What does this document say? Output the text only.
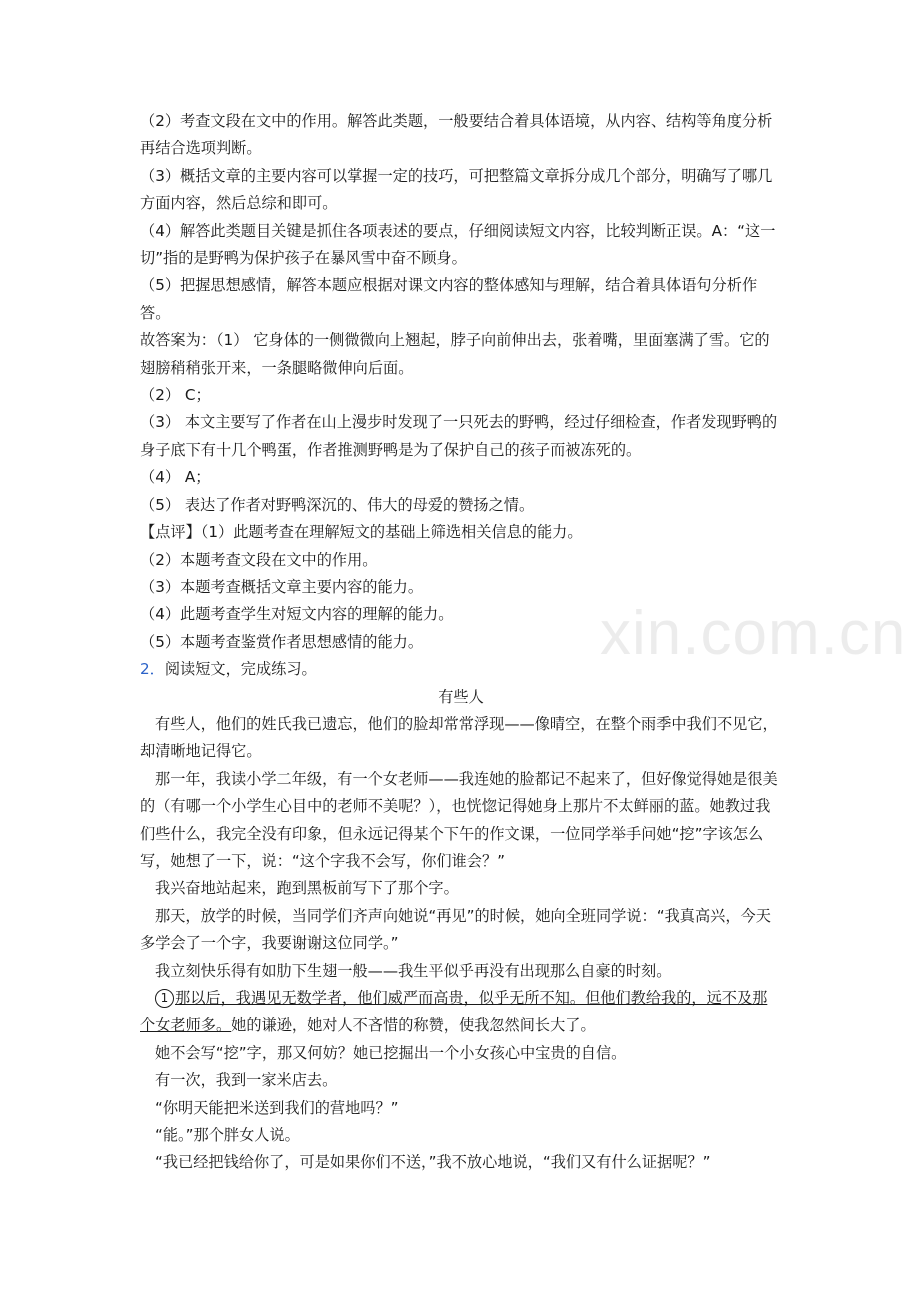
xin.com.cn

（2）考查文段在文中的作用。解答此类题，一般要结合着具体语境，从内容、结构等角度分析再结合选项判断。

（3）概括文章的主要内容可以掌握一定的技巧，可把整篇文章拆分成几个部分，明确写了哪几方面内容，然后总综和即可。

（4）解答此类题目关键是抓住各项表述的要点，仔细阅读短文内容，比较判断正误。A：“这一切”指的是野鸭为保护孩子在暴风雪中奋不顾身。

（5）把握思想感情，解答本题应根据对课文内容的整体感知与理解，结合着具体语句分析作答。

故答案为：（1） 它身体的一侧微微向上翘起，脖子向前伸出去，张着嘴，里面塞满了雪。它的翅膀稍稍张开来，一条腿略微伸向后面。

（2） C；

（3） 本文主要写了作者在山上漫步时发现了一只死去的野鸭，经过仔细检查，作者发现野鸭的身子底下有十几个鸭蛋，作者推测野鸭是为了保护自己的孩子而被冻死的。

（4） A；

（5） 表达了作者对野鸭深沉的、伟大的母爱的赞扬之情。

【点评】（1）此题考查在理解短文的基础上筛选相关信息的能力。

（2）本题考查文段在文中的作用。

（3）本题考查概括文章主要内容的能力。

（4）此题考查学生对短文内容的理解的能力。

（5）本题考查鉴赏作者思想感情的能力。

2．阅读短文，完成练习。

有些人

有些人，他们的姓氏我已遗忘，他们的脸却常常浮现——像晴空，在整个雨季中我们不见它，却清晰地记得它。

那一年，我读小学二年级，有一个女老师——我连她的脸都记不起来了，但好像觉得她是很美的（有哪一个小学生心目中的老师不美呢？），也恍惚记得她身上那片不太鲜丽的蓝。她教过我们些什么，我完全没有印象，但永远记得某个下午的作文课，一位同学举手问她“挖”字该怎么写，她想了一下，说：“这个字我不会写，你们谁会？”

我兴奋地站起来，跑到黑板前写下了那个字。

那天，放学的时候，当同学们齐声向她说“再见”的时候，她向全班同学说：“我真高兴，今天多学会了一个字，我要谢谢这位同学。”

我立刻快乐得有如肋下生翅一般——我生平似乎再没有出现那么自豪的时刻。

1 那以后，我遇见无数学者，他们威严而高贵，似乎无所不知。但他们教给我的，远不及那个女老师多。她的谦逊，她对人不吝惜的称赞，使我忽然间长大了。

她不会写“挖”字，那又何妨？她已挖掘出一个小女孩心中宝贵的自信。

有一次，我到一家米店去。

“你明天能把米送到我们的营地吗？”

“能。”那个胖女人说。

“我已经把钱给你了，可是如果你们不送，”我不放心地说，“我们又有什么证据呢？”
